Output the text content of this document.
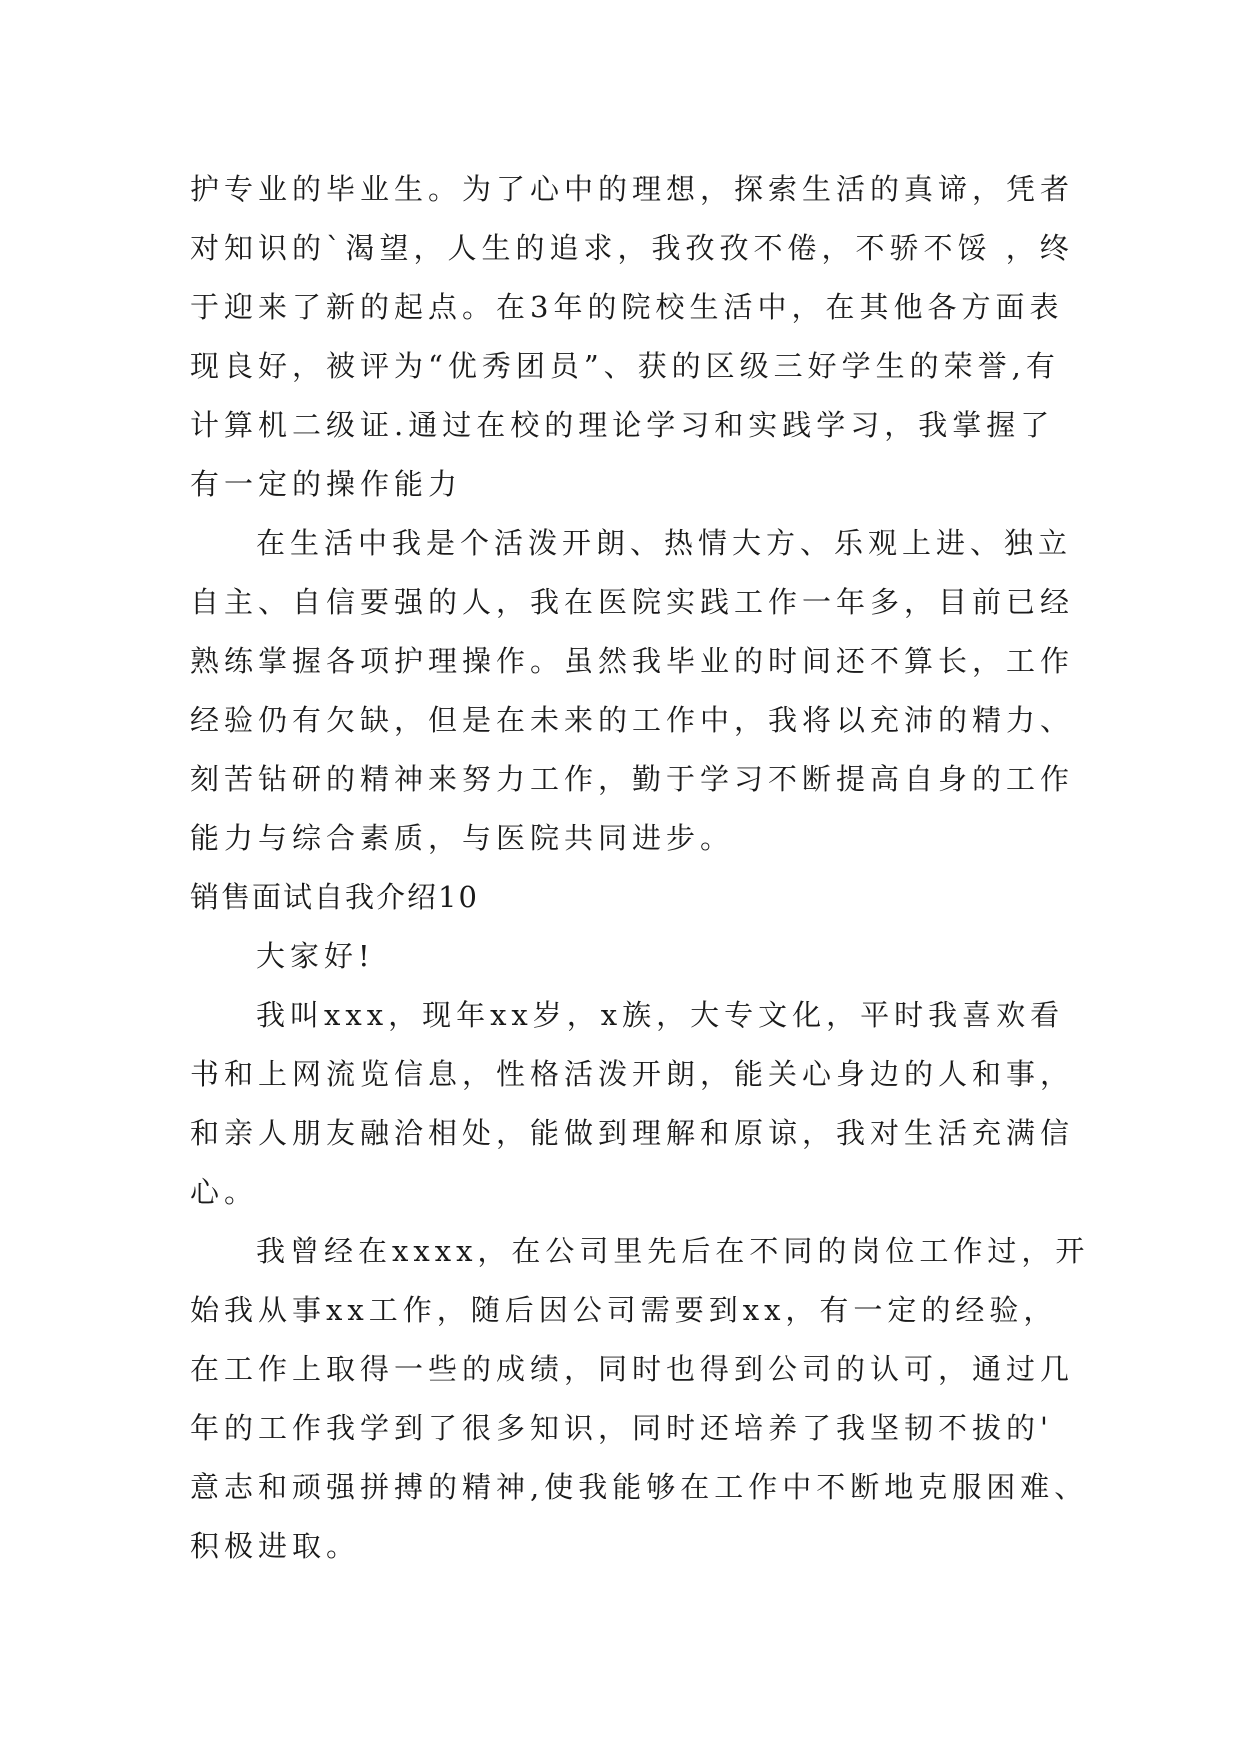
护专业的毕业生。为了心中的理想，探索生活的真谛，凭者
对知识的`渴望，人生的追求，我孜孜不倦，不骄不馁 ，终
于迎来了新的起点。在3年的院校生活中，在其他各方面表
现良好，被评为“优秀团员”、获的区级三好学生的荣誉,有
计算机二级证.通过在校的理论学习和实践学习，我掌握了
有一定的操作能力
在生活中我是个活泼开朗、热情大方、乐观上进、独立
自主、自信要强的人，我在医院实践工作一年多，目前已经
熟练掌握各项护理操作。虽然我毕业的时间还不算长，工作
经验仍有欠缺，但是在未来的工作中，我将以充沛的精力、
刻苦钻研的精神来努力工作，勤于学习不断提高自身的工作
能力与综合素质，与医院共同进步。
销售面试自我介绍10
大家好!
我叫xxx，现年xx岁，x族，大专文化，平时我喜欢看
书和上网流览信息，性格活泼开朗，能关心身边的人和事，
和亲人朋友融洽相处，能做到理解和原谅，我对生活充满信
心。
我曾经在xxxx，在公司里先后在不同的岗位工作过，开
始我从事xx工作，随后因公司需要到xx，有一定的经验，
在工作上取得一些的成绩，同时也得到公司的认可，通过几
年的工作我学到了很多知识，同时还培养了我坚韧不拔的'
意志和顽强拼搏的精神,使我能够在工作中不断地克服困难、
积极进取。
